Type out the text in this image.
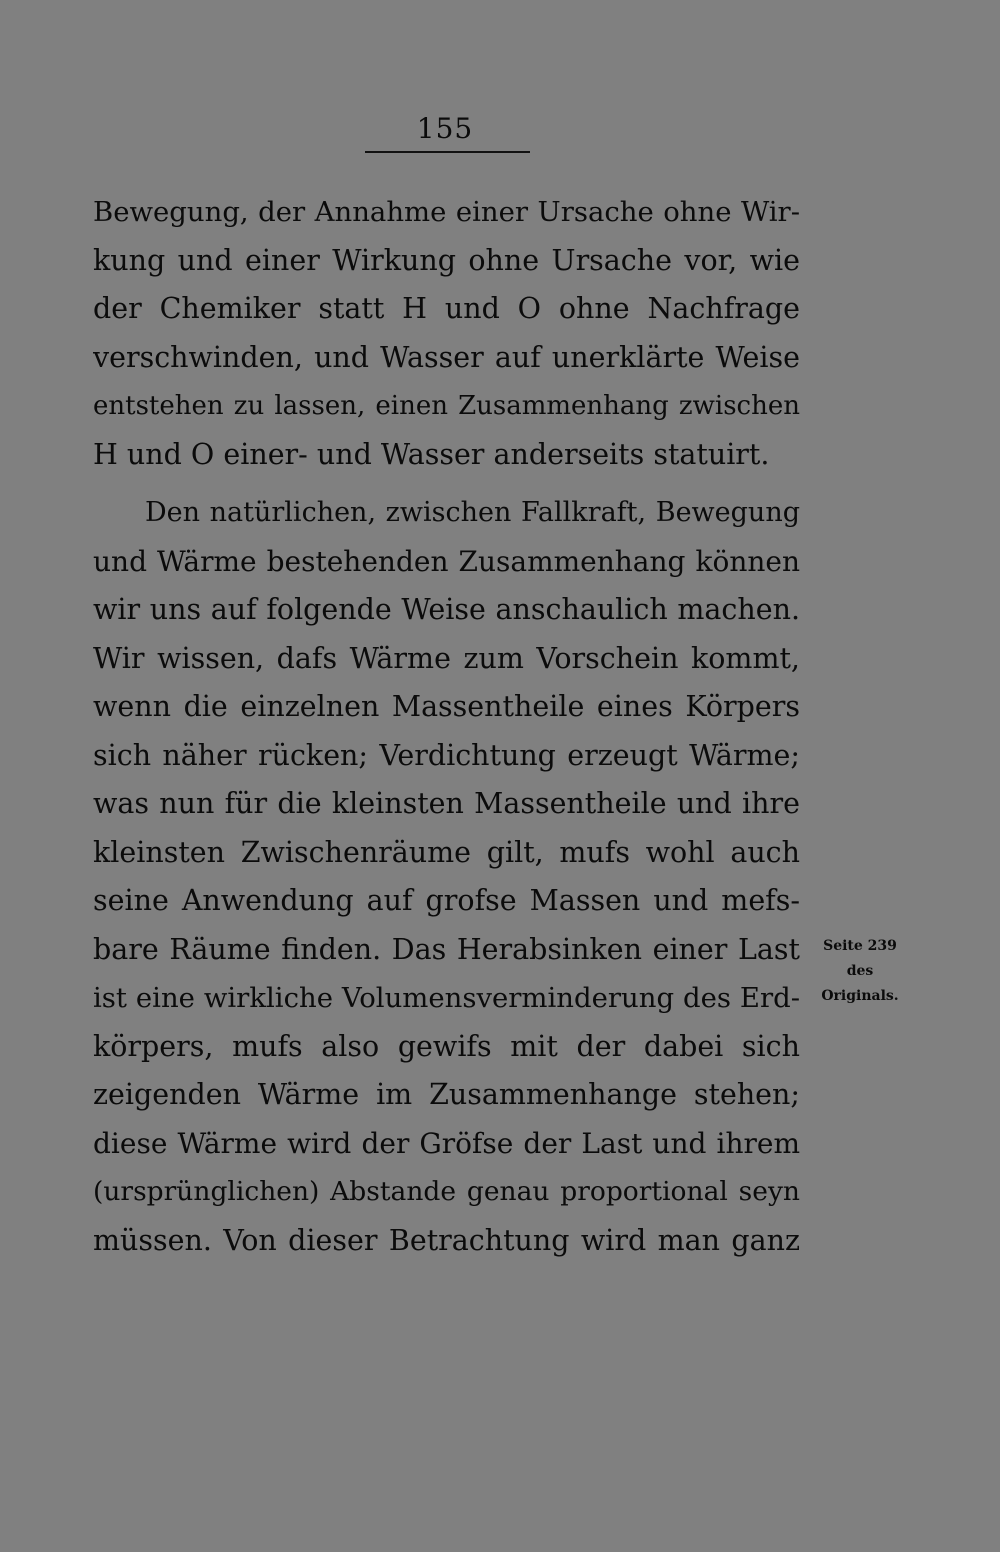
155
Bewegung, der Annahme einer Ursache ohne Wir-
kung und einer Wirkung ohne Ursache vor, wie
der Chemiker statt H und O ohne Nachfrage
verschwinden, und Wasser auf unerklärte Weise
entstehen zu lassen, einen Zusammenhang zwischen
H und O einer- und Wasser anderseits statuirt.
Den natürlichen, zwischen Fallkraft, Bewegung
und Wärme bestehenden Zusammenhang können
wir uns auf folgende Weise anschaulich machen.
Wir wissen, dafs Wärme zum Vorschein kommt,
wenn die einzelnen Massentheile eines Körpers
sich näher rücken; Verdichtung erzeugt Wärme;
was nun für die kleinsten Massentheile und ihre
kleinsten Zwischenräume gilt, mufs wohl auch
seine Anwendung auf grofse Massen und mefs-
bare Räume finden. Das Herabsinken einer Last
ist eine wirkliche Volumensverminderung des Erd-
körpers, mufs also gewifs mit der dabei sich
zeigenden Wärme im Zusammenhange stehen;
diese Wärme wird der Gröfse der Last und ihrem
(ursprünglichen) Abstande genau proportional seyn
müssen. Von dieser Betrachtung wird man ganz
Seite 239
des
Originals.
